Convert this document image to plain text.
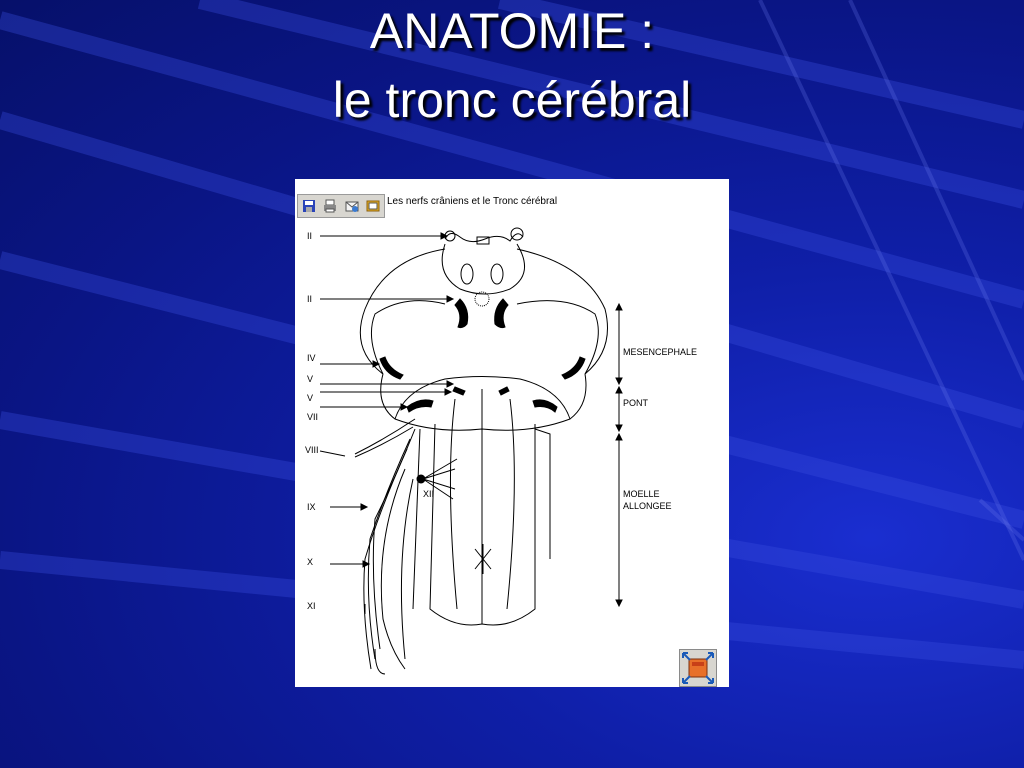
ANATOMIE :
le tronc cérébral
II
II
IV
V
V
VII
VIII
XII
IX
X
XI
MESENCEPHALE
PONT
MOELLE
ALLONGEE
Les nerfs crâniens et le Tronc cérébral
